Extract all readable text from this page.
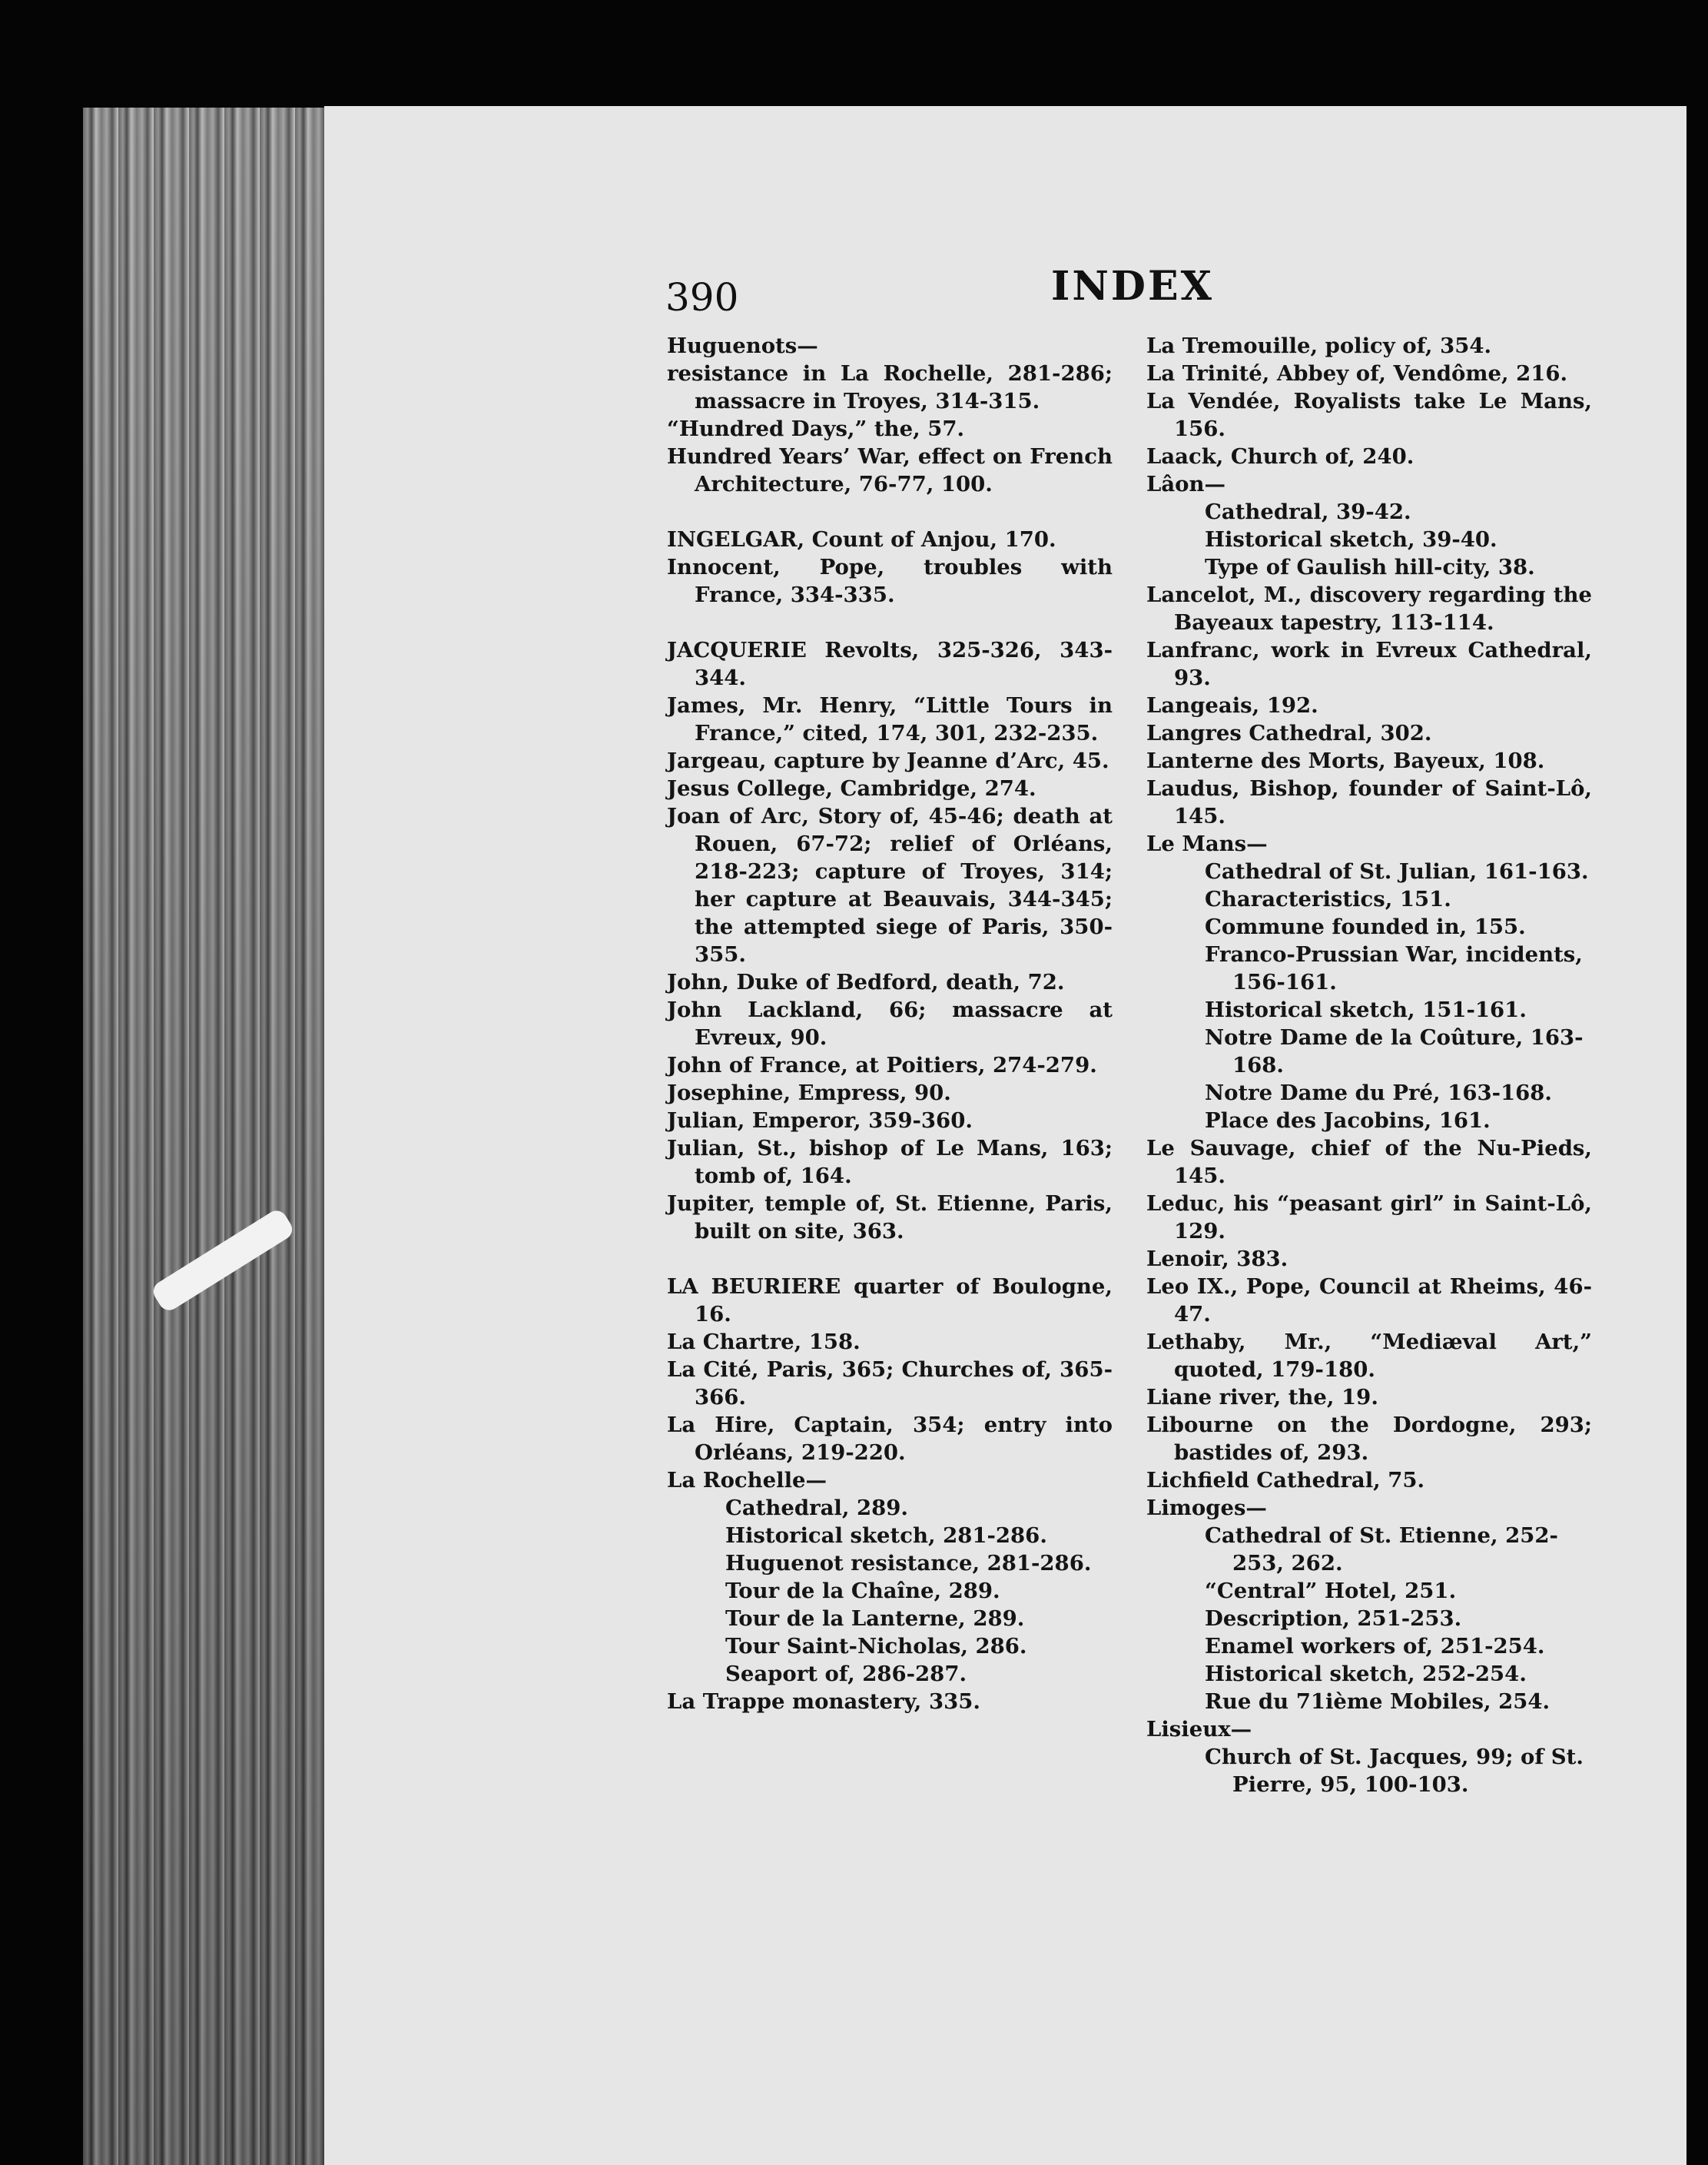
390	INDEX
Huguenots—
resistance in La Rochelle, 281-286; massacre in Troyes, 314-315.
“Hundred Days,” the, 57.
Hundred Years’ War, effect on French Architecture, 76-77, 100.
INGELGAR, Count of Anjou, 170.
Innocent, Pope, troubles with France, 334-335.
JACQUERIE Revolts, 325-326, 343-344.
James, Mr. Henry, “Little Tours in France,” cited, 174, 301, 232-235.
Jargeau, capture by Jeanne d’Arc, 45.
Jesus College, Cambridge, 274.
Joan of Arc, Story of, 45-46; death at Rouen, 67-72; relief of Orléans, 218-223; capture of Troyes, 314; her capture at Beauvais, 344-345; the attempted siege of Paris, 350-355.
John, Duke of Bedford, death, 72.
John Lackland, 66; massacre at Evreux, 90.
John of France, at Poitiers, 274-279.
Josephine, Empress, 90.
Julian, Emperor, 359-360.
Julian, St., bishop of Le Mans, 163; tomb of, 164.
Jupiter, temple of, St. Etienne, Paris, built on site, 363.
LA BEURIERE quarter of Boulogne, 16.
La Chartre, 158.
La Cité, Paris, 365; Churches of, 365-366.
La Hire, Captain, 354; entry into Orléans, 219-220.
La Rochelle—
Cathedral, 289.
Historical sketch, 281-286.
Huguenot resistance, 281-286.
Tour de la Chaîne, 289.
Tour de la Lanterne, 289.
Tour Saint-Nicholas, 286.
Seaport of, 286-287.
La Trappe monastery, 335.
La Tremouille, policy of, 354.
La Trinité, Abbey of, Vendôme, 216.
La Vendée, Royalists take Le Mans, 156.
Laack, Church of, 240.
Lâon—
Cathedral, 39-42.
Historical sketch, 39-40.
Type of Gaulish hill-city, 38.
Lancelot, M., discovery regarding the Bayeaux tapestry, 113-114.
Lanfranc, work in Evreux Cathedral, 93.
Langeais, 192.
Langres Cathedral, 302.
Lanterne des Morts, Bayeux, 108.
Laudus, Bishop, founder of Saint-Lô, 145.
Le Mans—
Cathedral of St. Julian, 161-163.
Characteristics, 151.
Commune founded in, 155.
Franco-Prussian War, incidents, 156-161.
Historical sketch, 151-161.
Notre Dame de la Coûture, 163-168.
Notre Dame du Pré, 163-168.
Place des Jacobins, 161.
Le Sauvage, chief of the Nu-Pieds, 145.
Leduc, his “peasant girl” in Saint-Lô, 129.
Lenoir, 383.
Leo IX., Pope, Council at Rheims, 46-47.
Lethaby, Mr., “Mediæval Art,” quoted, 179-180.
Liane river, the, 19.
Libourne on the Dordogne, 293; bastides of, 293.
Lichfield Cathedral, 75.
Limoges—
Cathedral of St. Etienne, 252-253, 262.
“Central” Hotel, 251.
Description, 251-253.
Enamel workers of, 251-254.
Historical sketch, 252-254.
Rue du 71ième Mobiles, 254.
Lisieux—
Church of St. Jacques, 99; of St. Pierre, 95, 100-103.
